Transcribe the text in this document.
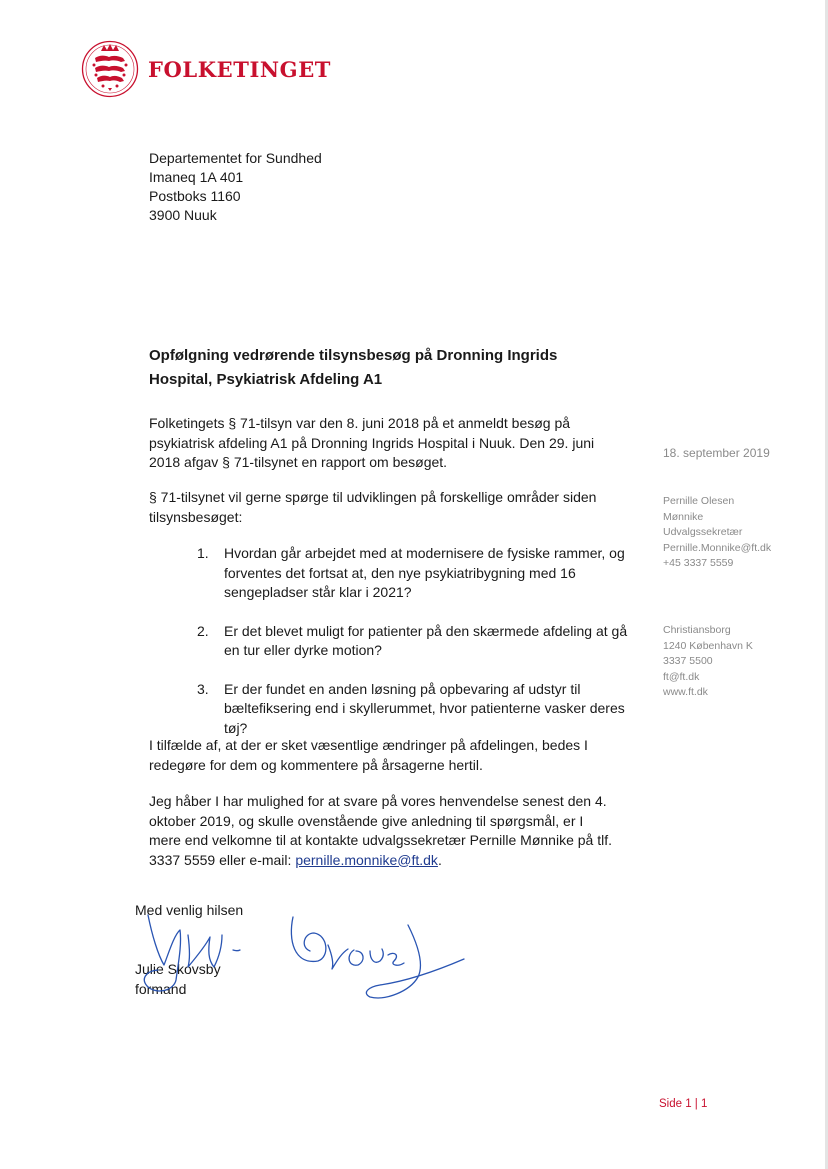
FOLKETINGET
Departementet for Sundhed
Imaneq 1A 401
Postboks 1160
3900 Nuuk
Opfølgning vedrørende tilsynsbesøg på Dronning Ingrids
Hospital, Psykiatrisk Afdeling A1
Folketingets § 71-tilsyn var den 8. juni 2018 på et anmeldt besøg på psykiatrisk afdeling A1 på Dronning Ingrids Hospital i Nuuk. Den 29. juni 2018 afgav § 71-tilsynet en rapport om besøget.
§ 71-tilsynet vil gerne spørge til udviklingen på forskellige områder siden tilsynsbesøget:
1. Hvordan går arbejdet med at modernisere de fysiske rammer, og forventes det fortsat at, den nye psykiatribygning med 16 sengepladser står klar i 2021?
2. Er det blevet muligt for patienter på den skærmede afdeling at gå en tur eller dyrke motion?
3. Er der fundet en anden løsning på opbevaring af udstyr til bæltefiksering end i skyllerummet, hvor patienterne vasker deres tøj?
I tilfælde af, at der er sket væsentlige ændringer på afdelingen, bedes I redegøre for dem og kommentere på årsagerne hertil.
Jeg håber I har mulighed for at svare på vores henvendelse senest den 4. oktober 2019, og skulle ovenstående give anledning til spørgsmål, er I mere end velkomne til at kontakte udvalgssekretær Pernille Mønnike på tlf. 3337 5559 eller e-mail: pernille.monnike@ft.dk.
Med venlig hilsen
Julie Skovsby
formand
18. september 2019
Pernille Olesen
Mønnike
Udvalgssekretær
Pernille.Monnike@ft.dk
+45 3337 5559
Christiansborg
1240 København K
3337 5500
ft@ft.dk
www.ft.dk
Side 1 | 1
